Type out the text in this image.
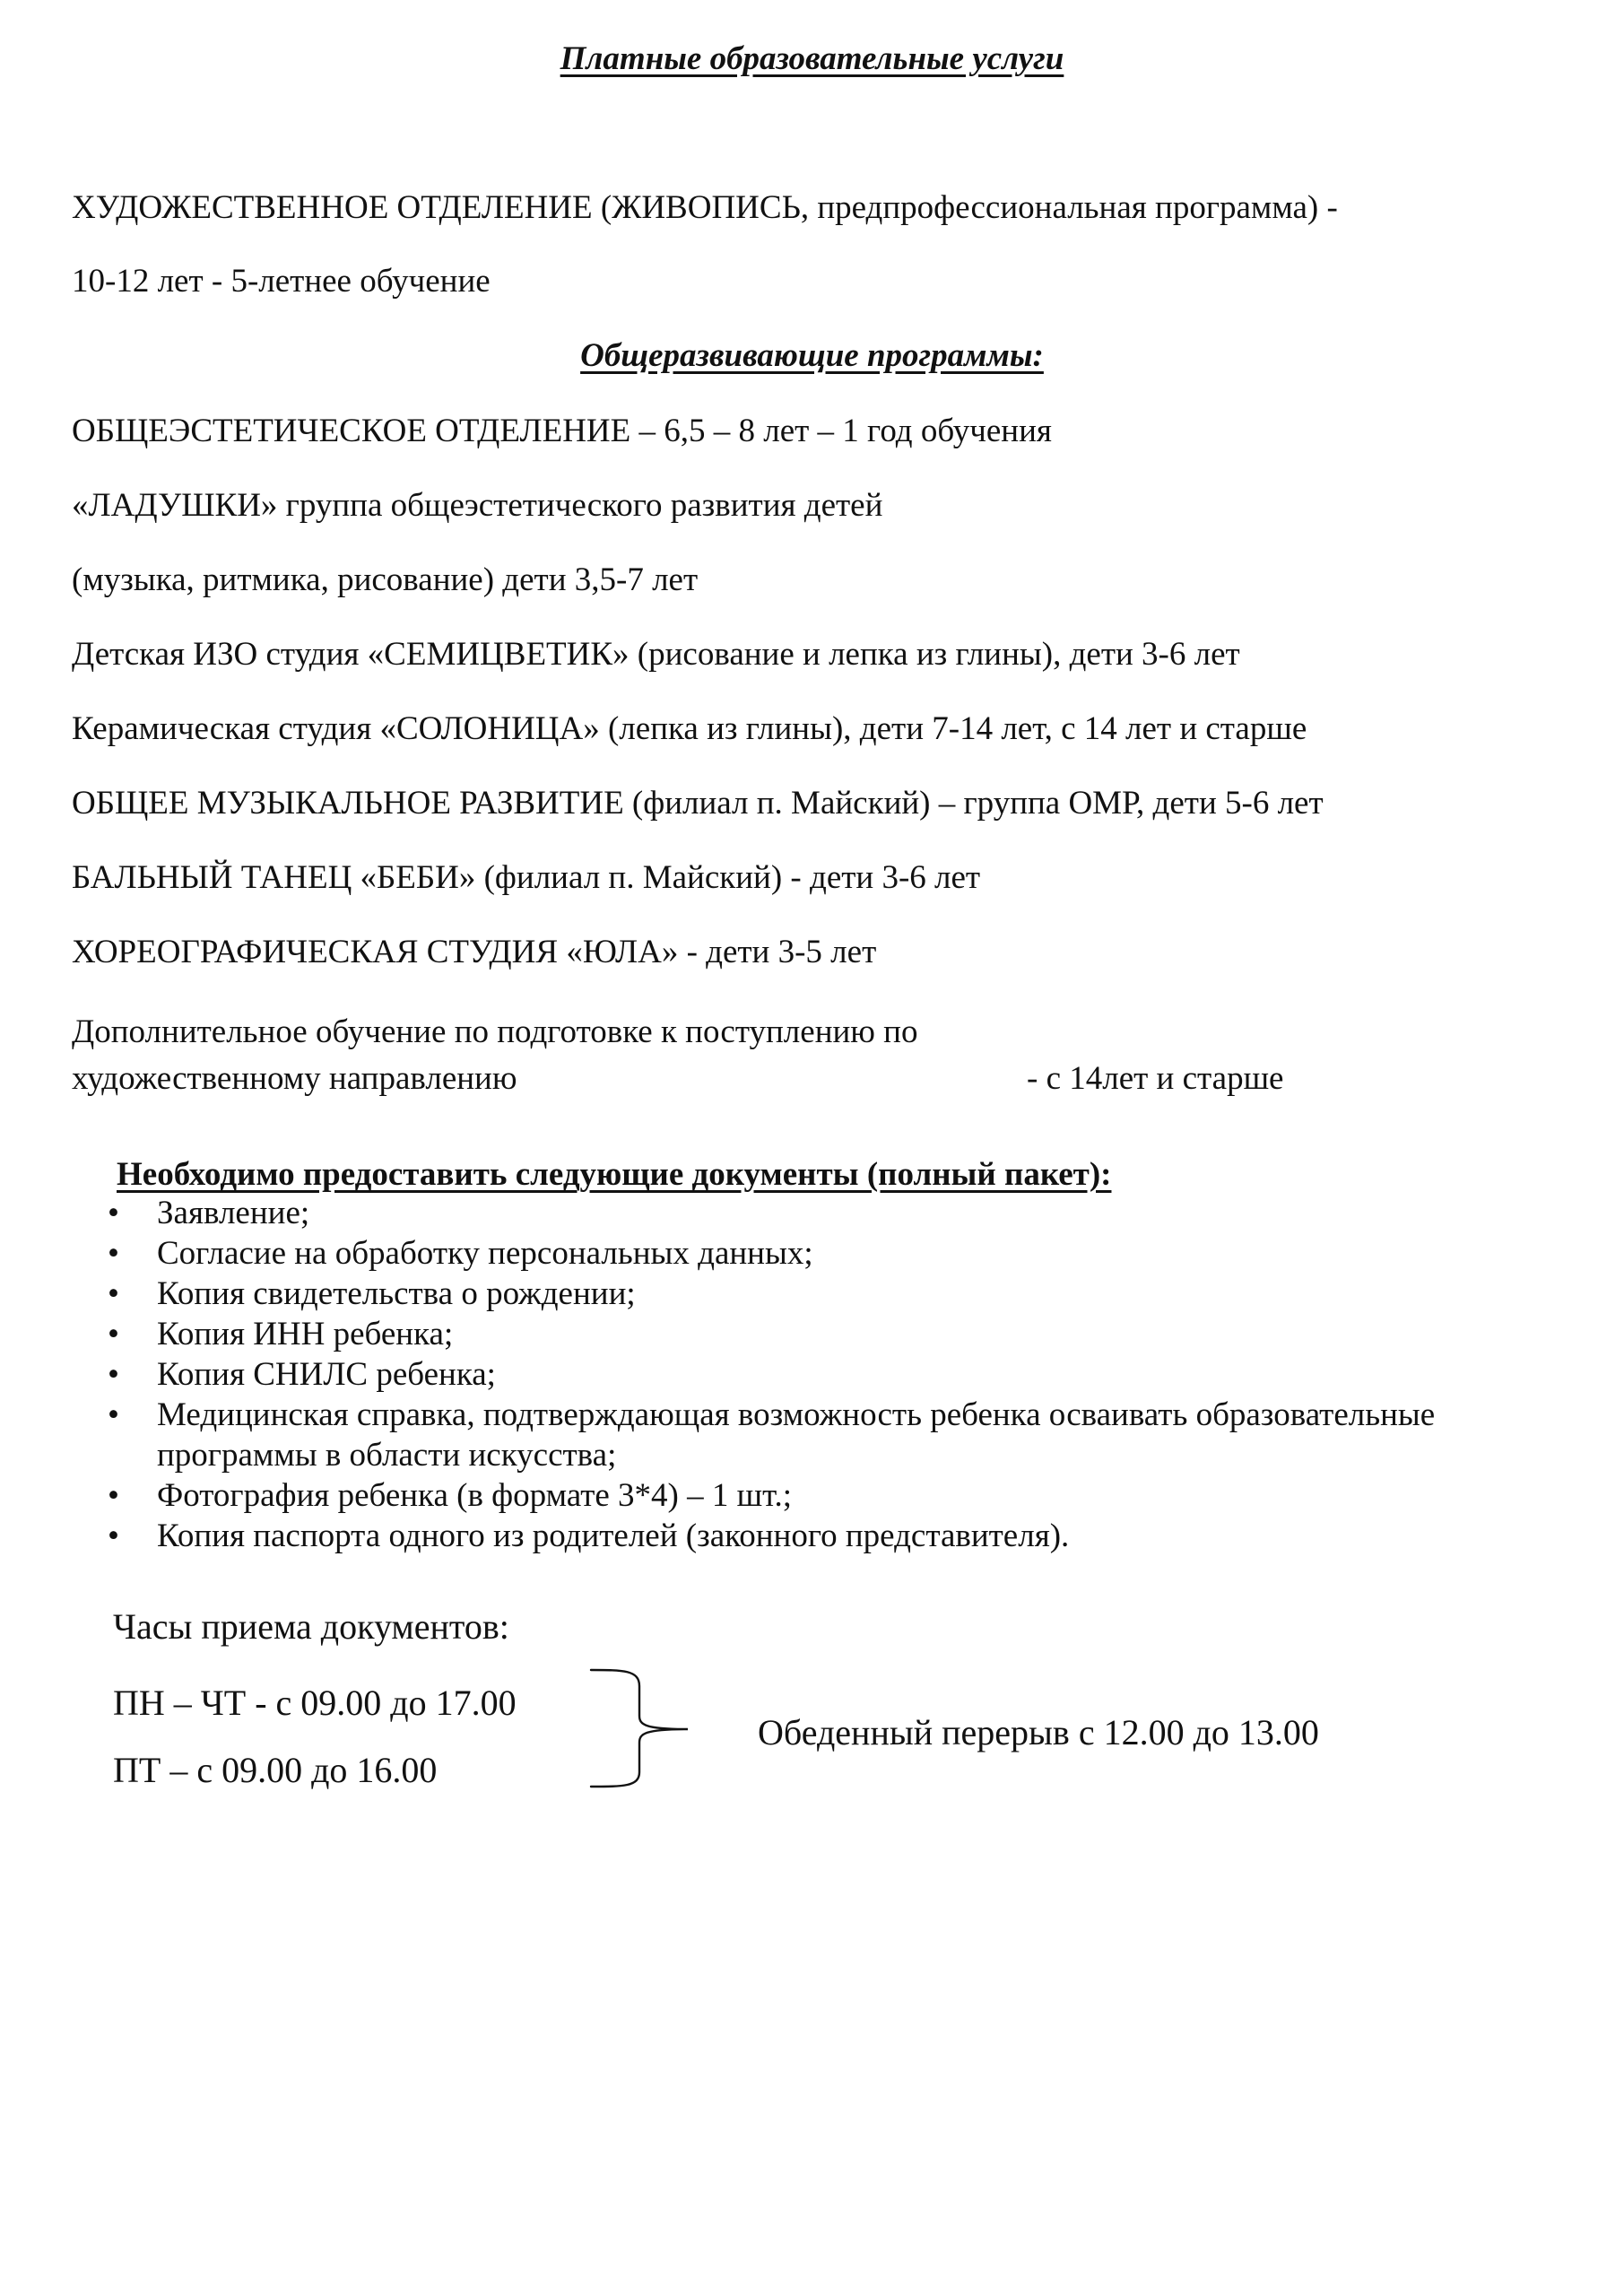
Платные образовательные услуги
ХУДОЖЕСТВЕННОЕ ОТДЕЛЕНИЕ (ЖИВОПИСЬ, предпрофессиональная программа) -
10-12 лет - 5-летнее обучение
Общеразвивающие программы:
ОБЩЕЭСТЕТИЧЕСКОЕ ОТДЕЛЕНИЕ – 6,5 – 8 лет – 1 год обучения
«ЛАДУШКИ» группа общеэстетического развития детей
(музыка, ритмика, рисование) дети 3,5-7 лет
Детская ИЗО студия «СЕМИЦВЕТИК» (рисование и лепка из глины), дети 3-6 лет
Керамическая студия «СОЛОНИЦА» (лепка из глины), дети 7-14 лет, с 14 лет и старше
ОБЩЕЕ МУЗЫКАЛЬНОЕ РАЗВИТИЕ (филиал п. Майский) – группа ОМР, дети 5-6 лет
БАЛЬНЫЙ ТАНЕЦ «БЕБИ» (филиал п. Майский) - дети 3-6 лет
ХОРЕОГРАФИЧЕСКАЯ СТУДИЯ «ЮЛА» - дети 3-5 лет
Дополнительное обучение по подготовке к поступлению по
художественному направлению	- с 14лет и старше
Необходимо предоставить следующие документы (полный пакет):
• Заявление;
• Согласие на обработку персональных данных;
• Копия свидетельства о рождении;
• Копия ИНН ребенка;
• Копия СНИЛС ребенка;
• Медицинская справка, подтверждающая возможность ребенка осваивать образовательные программы в области искусства;
• Фотография ребенка (в формате 3*4) – 1 шт.;
• Копия паспорта одного из родителей (законного представителя).
Часы приема документов:
ПН – ЧТ - с 09.00 до 17.00
ПТ – с 09.00 до 16.00
Обеденный перерыв с 12.00 до 13.00
